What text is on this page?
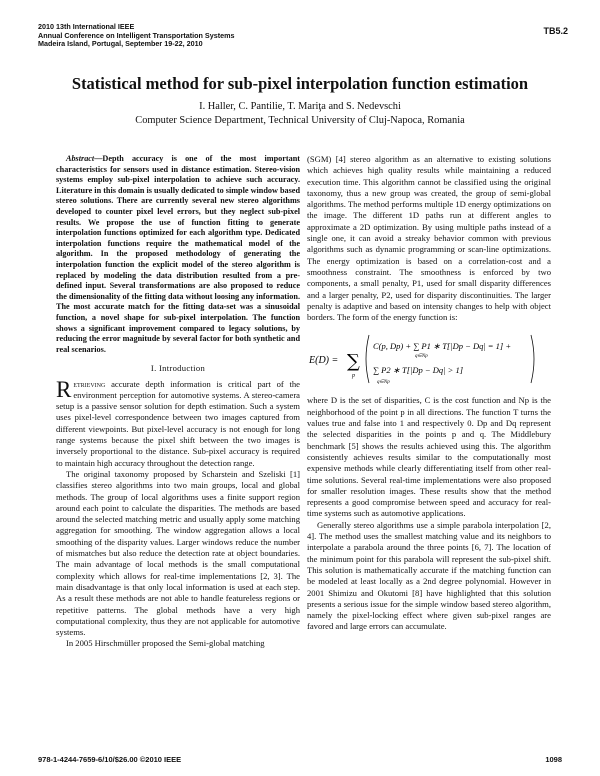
2010 13th International IEEE
Annual Conference on Intelligent Transportation Systems
Madeira Island, Portugal, September 19-22, 2010
TB5.2
Statistical method for sub-pixel interpolation function estimation
I. Haller, C. Pantilie, T. Mariţa and S. Nedevschi
Computer Science Department, Technical University of Cluj-Napoca, Romania

Abstract—Depth accuracy is one of the most important characteristics for sensors used in distance estimation. Stereo-vision systems employ sub-pixel interpolation to achieve such accuracy. Literature in this domain is usually dedicated to simple window based stereo solutions. There are currently several new stereo algorithms developed to counter pixel level errors, but they neglect sub-pixel results. We propose the use of function fitting to generate interpolation functions optimized for each algorithm type. Dedicated interpolation functions require the mathematical model of the algorithm. In the proposed methodology of generating the interpolation function the explicit model of the stereo algorithm is replaced by modeling the data distribution resulted from a pre-defined input. Several transformations are also proposed to reduce the dimensionality of the fitting data without loosing any information. The most accurate match for the fitting data-set was a sinusoidal function, a novel shape for sub-pixel interpolation. The function shows a significant improvement compared to legacy solutions, by reducing the error magnitude by several factor for both synthetic and real scenarios.

I. Introduction

Retrieving accurate depth information is critical part of the environment perception for automotive systems. A stereo-camera setup is a passive sensor solution for depth estimation. Such a system uses pixel-level correspondence between two images captured from different viewpoints. But pixel-level accuracy is not enough for long range systems because the pixel shift between the two images is inversely proportional to the distance. Sub-pixel accuracy is required to maintain high accuracy throughout the detection range.

The original taxonomy proposed by Scharstein and Szeliski [1] classifies stereo algorithms into two main groups, local and global methods. The group of local algorithms uses a finite support region around each point to calculate the disparities. The methods are based around the selected matching metric and usually apply some matching aggregation for smoothing. The window aggregation allows a local smoothing of the disparity values. Larger windows reduce the number of mismatches but also reduce the detection rate at object boundaries. The main advantage of local methods is the small computational complexity which allows for real-time implementations [2, 3]. The main disadvantage is that only local information is used at each step. As a result these methods are not able to handle featureless regions or repetitive patterns. The global methods have a very high computational complexity, thus they are not applicable for automotive systems.

In 2005 Hirschmüller proposed the Semi-global matching

(SGM) [4] stereo algorithm as an alternative to existing solutions which achieves high quality results while maintaining a reduced execution time. This algorithm cannot be classified using the original taxonomy, thus a new group was created, the group of semi-global algorithms. The method performs multiple 1D energy optimizations on the image. The different 1D paths run at different angles to approximate a 2D optimization. By using multiple paths instead of a single one, it can avoid a streaky behavior common with previous algorithms such as dynamic programming or scan-line optimizations. The energy optimization is based on a correlation-cost and a smoothness constraint. The smoothness is enforced by two components, a small penalty, P1, used for small disparity differences and a larger penalty, P2, used for disparity discontinuities. The larger penalty is adaptive and based on intensity changes to help with object borders. The form of the energy function is:

E(D) = ∑
p
C(p, Dp) + ∑ P1 ∗ T[|Dp − Dq| = 1] +
∑ P2 ∗ T[|Dp − Dq| > 1]
q∈Np
q∈Np

where D is the set of disparities, C is the cost function and Np is the neighborhood of the point p in all directions. The function T turns the values true and false into 1 and respectively 0. Dp and Dq represent the selected disparities in the points p and q. The Middlebury benchmark [5] shows the results achieved using this. The algorithm consistently achieves results similar to the computationally most expensive methods while clearly differentiating itself from other real-time solutions. Several real-time implementations were also proposed for smaller resolution images. These results show that the method represents a good compromise between speed and accuracy for real-time systems such as automotive applications.

Generally stereo algorithms use a simple parabola interpolation [2, 4]. The method uses the smallest matching value and its neighbors to interpolate a parabola around the three points [6, 7]. The location of the minimum point for this parabola will represent the sub-pixel shift. This solution is mathematically accurate if the matching function can be modeled at least locally as a 2nd degree polynomial. However in 2001 Shimizu and Okutomi [8] have highlighted that this solution presents a serious issue for the simple window based stereo algorithm, namely the pixel-locking effect where given sub-pixel ranges are favored and large errors can accumulate.

978-1-4244-7659-6/10/$26.00 ©2010 IEEE	1098
